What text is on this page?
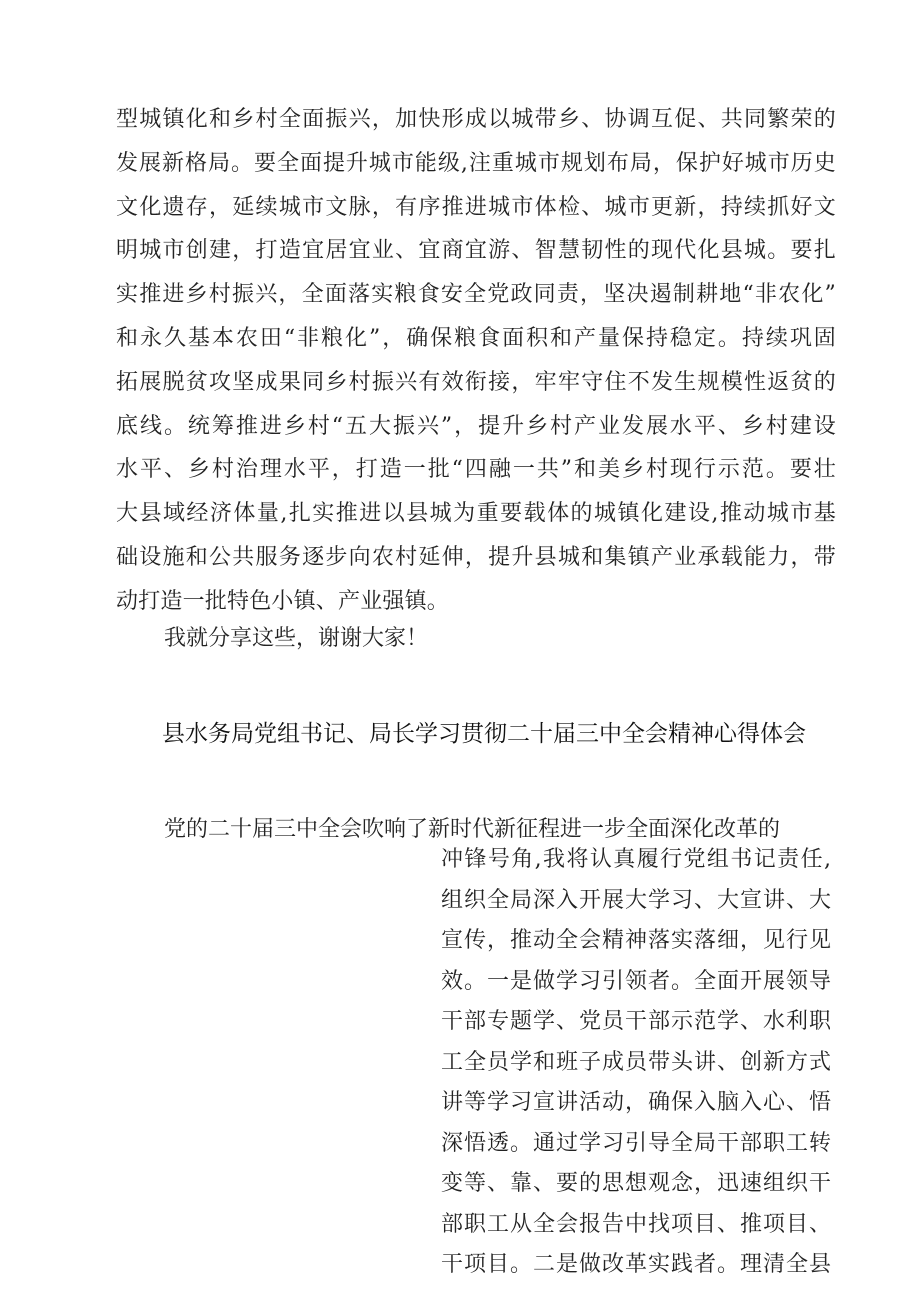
型城镇化和乡村全面振兴，加快形成以城带乡、协调互促、共同繁荣的
发展新格局。要全面提升城市能级,注重城市规划布局，保护好城市历史
文化遗存，延续城市文脉，有序推进城市体检、城市更新，持续抓好文
明城市创建，打造宜居宜业、宜商宜游、智慧韧性的现代化县城。要扎
实推进乡村振兴，全面落实粮食安全党政同责，坚决遏制耕地“非农化”
和永久基本农田“非粮化”，确保粮食面积和产量保持稳定。持续巩固
拓展脱贫攻坚成果同乡村振兴有效衔接，牢牢守住不发生规模性返贫的
底线。统筹推进乡村“五大振兴”，提升乡村产业发展水平、乡村建设
水平、乡村治理水平，打造一批“四融一共”和美乡村现行示范。要壮
大县域经济体量,扎实推进以县城为重要载体的城镇化建设,推动城市基
础设施和公共服务逐步向农村延伸，提升县城和集镇产业承载能力，带
动打造一批特色小镇、产业强镇。
我就分享这些，谢谢大家！
县水务局党组书记、局长学习贯彻二十届三中全会精神心得体会
党的二十届三中全会吹响了新时代新征程进一步全面深化改革的
冲锋号角,我将认真履行党组书记责任,
组织全局深入开展大学习、大宣讲、大
宣传，推动全会精神落实落细，见行见
效。一是做学习引领者。全面开展领导
干部专题学、党员干部示范学、水利职
工全员学和班子成员带头讲、创新方式
讲等学习宣讲活动，确保入脑入心、悟
深悟透。通过学习引导全局干部职工转
变等、靠、要的思想观念，迅速组织干
部职工从全会报告中找项目、推项目、
干项目。二是做改革实践者。理清全县
